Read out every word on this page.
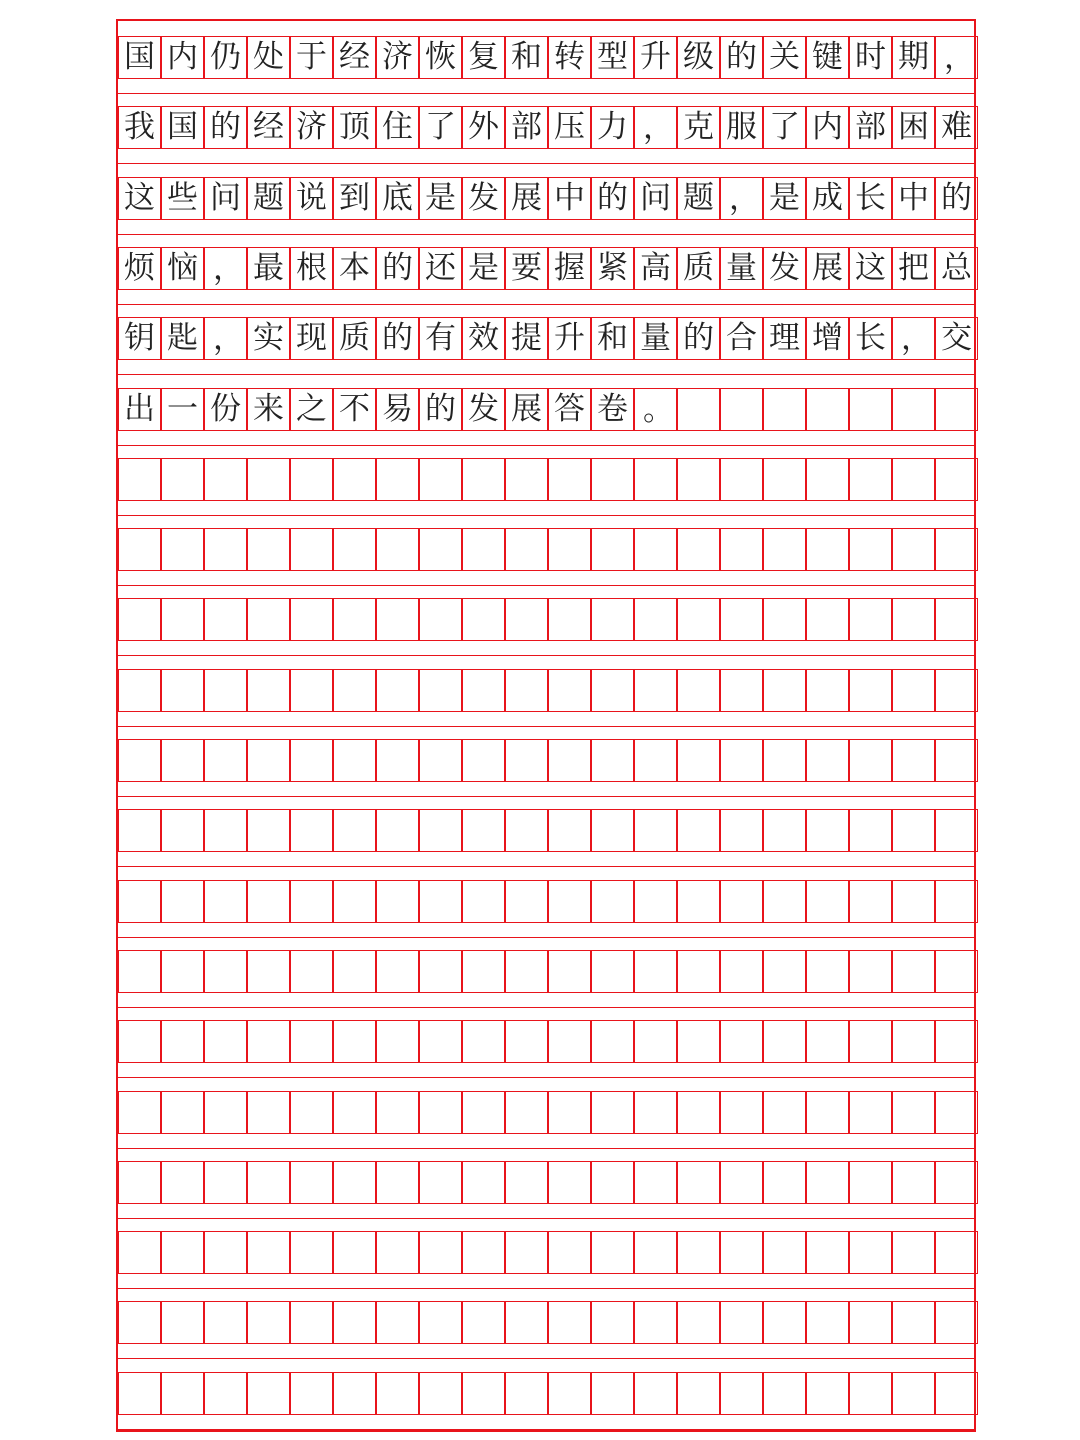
国 内 仍 处 于 经 济 恢 复 和 转 型 升 级 的 关 键 时 期 ，
我 国 的 经 济 顶 住 了 外 部 压 力 ， 克 服 了 内 部 困 难
这 些 问 题 说 到 底 是 发 展 中 的 问 题 ， 是 成 长 中 的
烦 恼 ， 最 根 本 的 还 是 要 握 紧 高 质 量 发 展 这 把 总
钥 匙 ， 实 现 质 的 有 效 提 升 和 量 的 合 理 增 长 ， 交
出 一 份 来 之 不 易 的 发 展 答 卷 。
